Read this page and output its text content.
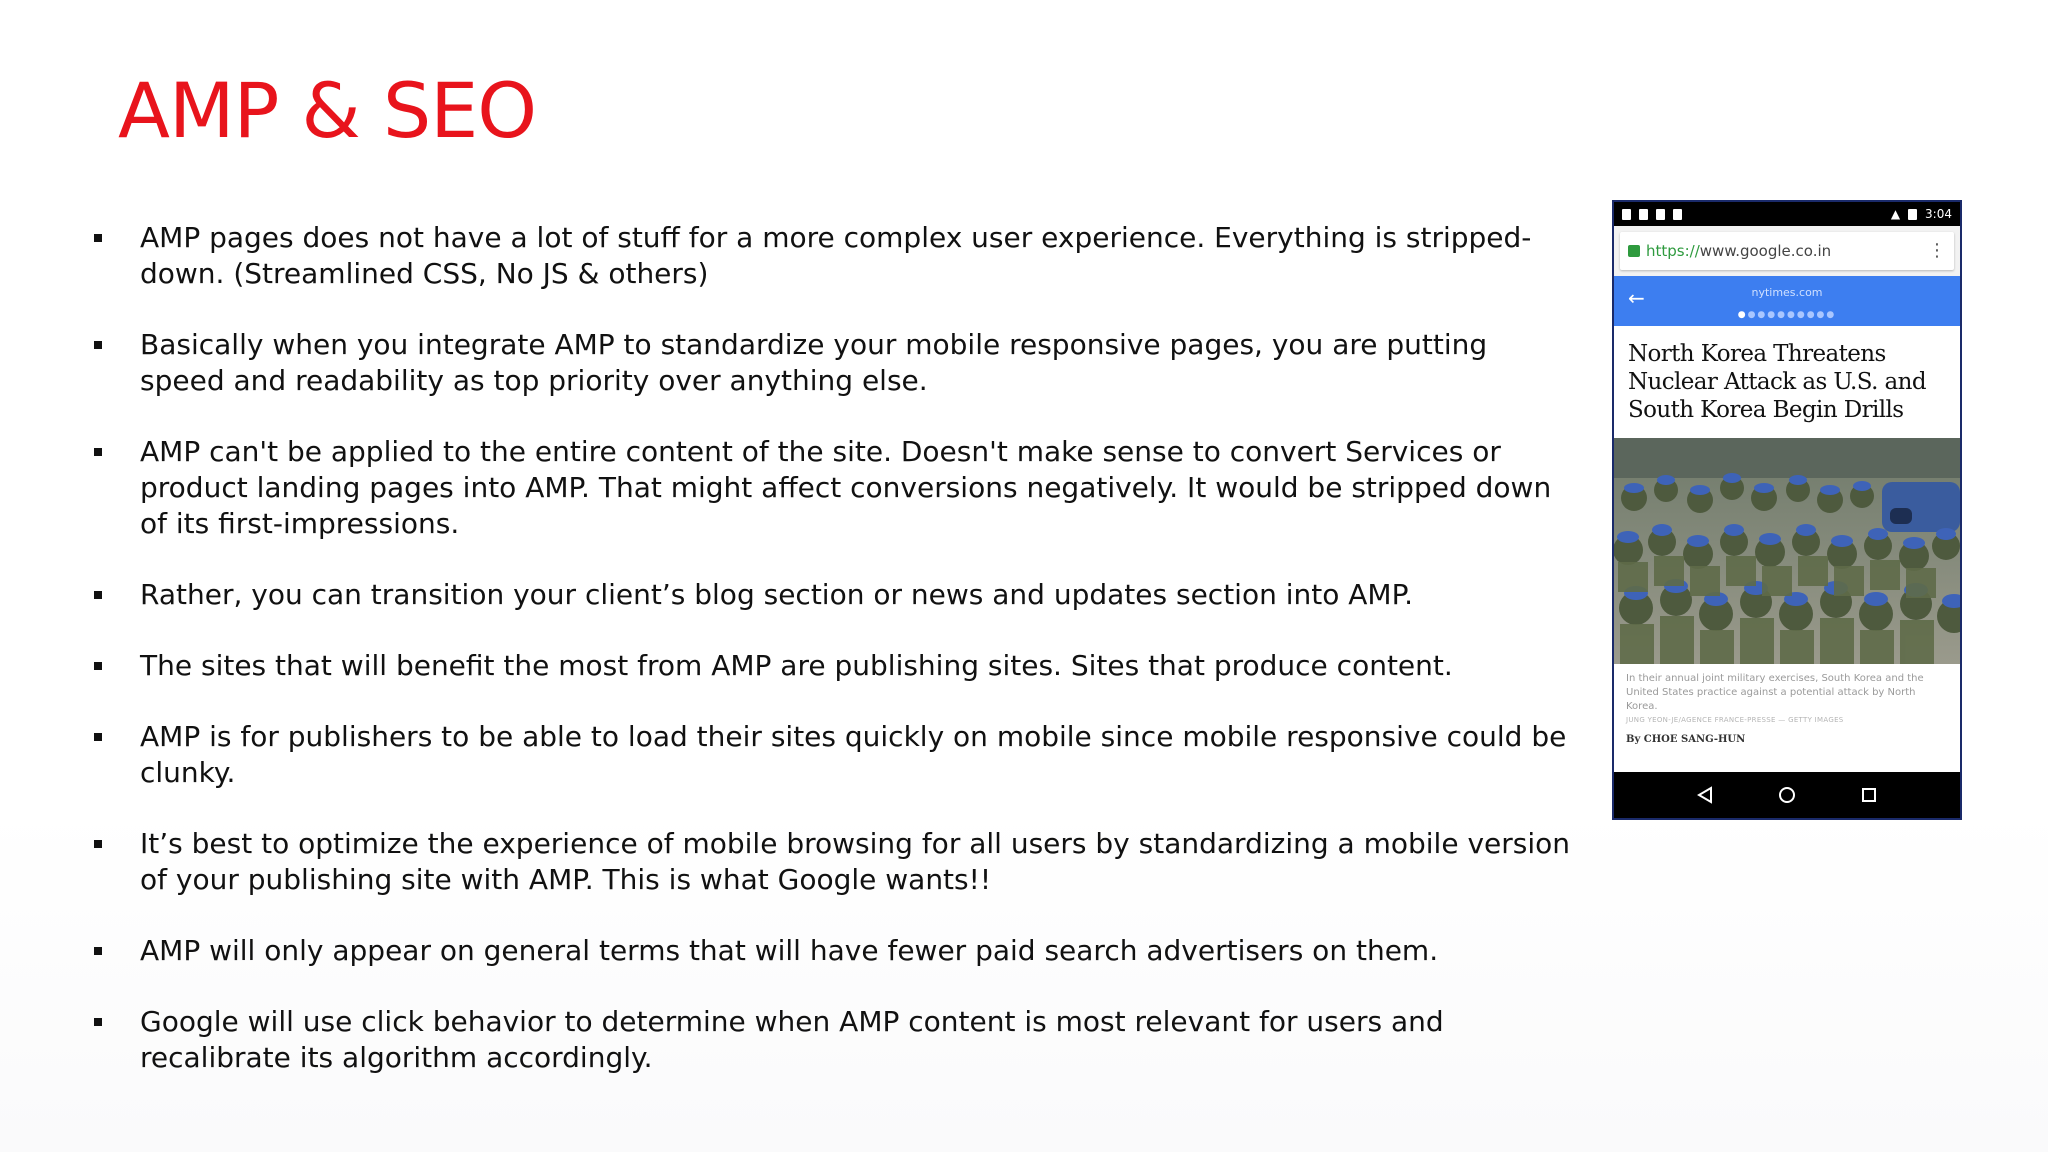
AMP & SEO
AMP pages does not have a lot of stuff for a more complex user experience. Everything is stripped-down. (Streamlined CSS, No JS & others)
Basically when you integrate AMP to standardize your mobile responsive pages, you are putting speed and readability as top priority over anything else.
AMP can't be applied to the entire content of the site. Doesn't make sense to convert Services or product landing pages into AMP. That might affect conversions negatively. It would be stripped down of its first-impressions.
Rather, you can transition your client’s blog section or news and updates section into AMP.
The sites that will benefit the most from AMP are publishing sites. Sites that produce content.
AMP is for publishers to be able to load their sites quickly on mobile since mobile responsive could be clunky.
It’s best to optimize the experience of mobile browsing for all users by standardizing a mobile version of your publishing site with AMP. This is what Google wants!!
AMP will only appear on general terms that will have fewer paid search advertisers on them.
Google will use click behavior to determine when AMP content is most relevant for users and recalibrate its algorithm accordingly.
▲ 3:04
https://www.google.co.in	⋮
←	nytimes.com
●●●●●●●●●●
North Korea Threatens Nuclear Attack as U.S. and South Korea Begin Drills
In their annual joint military exercises, South Korea and the United States practice against a potential attack by North Korea.
JUNG YEON-JE/AGENCE FRANCE-PRESSE — GETTY IMAGES
By CHOE SANG-HUN
